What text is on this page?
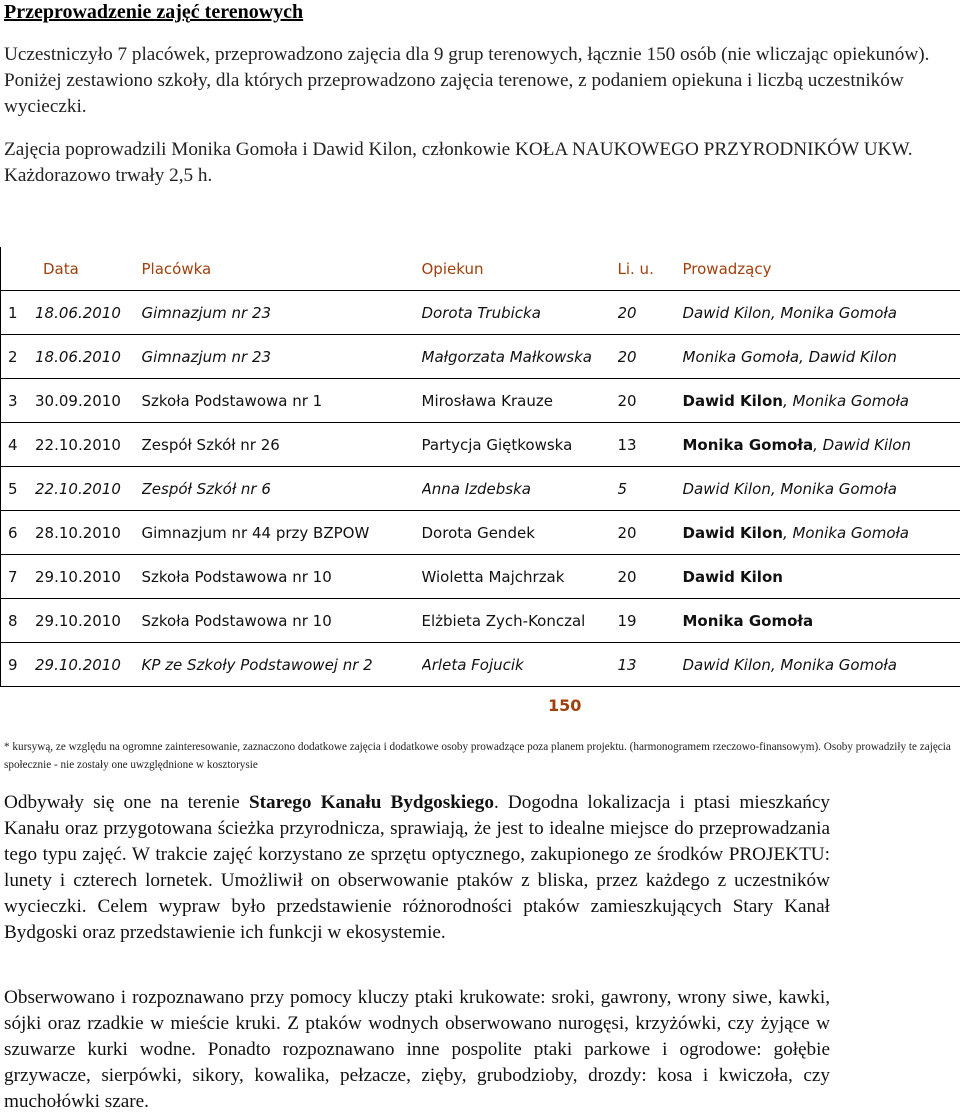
Przeprowadzenie zajęć terenowych

Uczestniczyło 7 placówek, przeprowadzono zajęcia dla 9 grup terenowych, łącznie 150 osób (nie wliczając opiekunów). Poniżej zestawiono szkoły, dla których przeprowadzono zajęcia terenowe, z podaniem opiekuna i liczbą uczestników wycieczki.

Zajęcia poprowadzili Monika Gomoła i Dawid Kilon, członkowie KOŁA NAUKOWEGO PRZYRODNIKÓW UKW. Każdorazowo trwały 2,5 h.

Data	Placówka	Opiekun	Li. u.	Prowadzący
1 18.06.2010	Gimnazjum nr 23	Dorota Trubicka	20	Dawid Kilon, Monika Gomoła
2 18.06.2010	Gimnazjum nr 23	Małgorzata Małkowska	20	Monika Gomoła, Dawid Kilon
3 30.09.2010	Szkoła Podstawowa nr 1	Mirosława Krauze	20	Dawid Kilon, Monika Gomoła
4 22.10.2010	Zespół Szkół nr 26	Partycja Giętkowska	13	Monika Gomoła, Dawid Kilon
5 22.10.2010	Zespół Szkół nr 6	Anna Izdebska	5	Dawid Kilon, Monika Gomoła
6 28.10.2010	Gimnazjum nr 44 przy BZPOW	Dorota Gendek	20	Dawid Kilon, Monika Gomoła
7 29.10.2010	Szkoła Podstawowa nr 10	Wioletta Majchrzak	20	Dawid Kilon
8 29.10.2010	Szkoła Podstawowa nr 10	Elżbieta Zych-Konczal	19	Monika Gomoła
9 29.10.2010	KP ze Szkoły Podstawowej nr 2	Arleta Fojucik	13	Dawid Kilon, Monika Gomoła
150

* kursywą, ze względu na ogromne zainteresowanie, zaznaczono dodatkowe zajęcia i dodatkowe osoby prowadzące poza planem projektu. (harmonogramem rzeczowo-finansowym). Osoby prowadziły te zajęcia społecznie - nie zostały one uwzględnione w kosztorysie

Odbywały się one na terenie Starego Kanału Bydgoskiego. Dogodna lokalizacja i ptasi mieszkańcy Kanału oraz przygotowana ścieżka przyrodnicza, sprawiają, że jest to idealne miejsce do przeprowadzania tego typu zajęć. W trakcie zajęć korzystano ze sprzętu optycznego, zakupionego ze środków PROJEKTU: lunety i czterech lornetek. Umożliwił on obserwowanie ptaków z bliska, przez każdego z uczestników wycieczki. Celem wypraw było przedstawienie różnorodności ptaków zamieszkujących Stary Kanał Bydgoski oraz przedstawienie ich funkcji w ekosystemie.

Obserwowano i rozpoznawano przy pomocy kluczy ptaki krukowate: sroki, gawrony, wrony siwe, kawki, sójki oraz rzadkie w mieście kruki. Z ptaków wodnych obserwowano nurogęsi, krzyżówki, czy żyjące w szuwarze kurki wodne. Ponadto rozpoznawano inne pospolite ptaki parkowe i ogrodowe: gołębie grzywacze, sierpówki, sikory, kowalika, pełzacze, zięby, grubodzioby, drozdy: kosa i kwiczoła, czy muchołówki szare.
